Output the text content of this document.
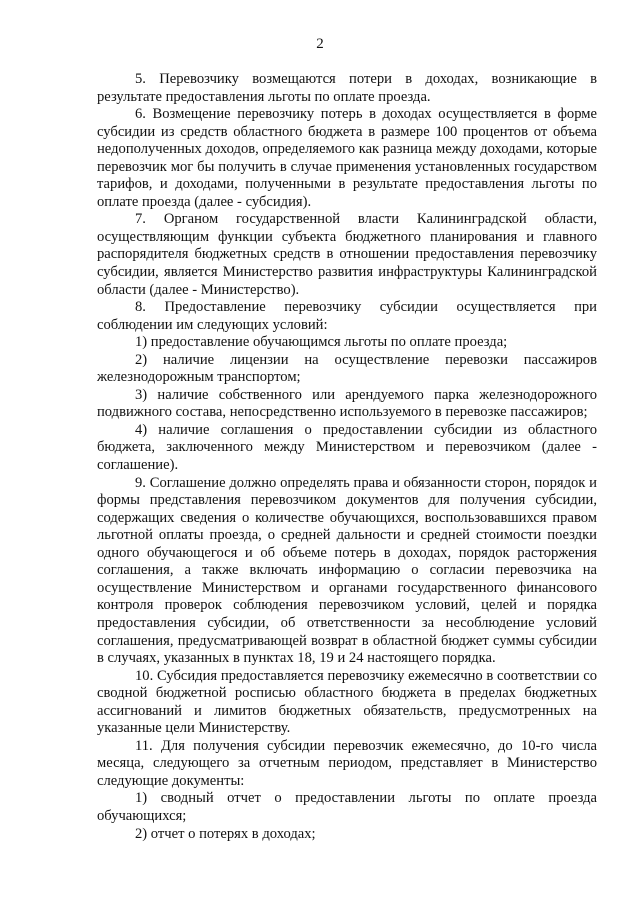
2

5. Перевозчику возмещаются потери в доходах, возникающие в результате предоставления льготы по оплате проезда.

6. Возмещение перевозчику потерь в доходах осуществляется в форме субсидии из средств областного бюджета в размере 100 процентов от объема недополученных доходов, определяемого как разница между доходами, которые перевозчик мог бы получить в случае применения установленных государством тарифов, и доходами, полученными в результате предоставления льготы по оплате проезда (далее - субсидия).

7. Органом государственной власти Калининградской области, осуществляющим функции субъекта бюджетного планирования и главного распорядителя бюджетных средств в отношении предоставления перевозчику субсидии, является Министерство развития инфраструктуры Калининградской области (далее - Министерство).

8. Предоставление перевозчику субсидии осуществляется при соблюдении им следующих условий:

1) предоставление обучающимся льготы по оплате проезда;

2) наличие лицензии на осуществление перевозки пассажиров железнодорожным транспортом;

3) наличие собственного или арендуемого парка железнодорожного подвижного состава, непосредственно используемого в перевозке пассажиров;

4) наличие соглашения о предоставлении субсидии из областного бюджета, заключенного между Министерством и перевозчиком (далее - соглашение).

9. Соглашение должно определять права и обязанности сторон, порядок и формы представления перевозчиком документов для получения субсидии, содержащих сведения о количестве обучающихся, воспользовавшихся правом льготной оплаты проезда, о средней дальности и средней стоимости поездки одного обучающегося и об объеме потерь в доходах, порядок расторжения соглашения, а также включать информацию о согласии перевозчика на осуществление Министерством и органами государственного финансового контроля проверок соблюдения перевозчиком условий, целей и порядка предоставления субсидии, об ответственности за несоблюдение условий соглашения, предусматривающей возврат в областной бюджет суммы субсидии в случаях, указанных в пунктах 18, 19 и 24 настоящего порядка.

10. Субсидия предоставляется перевозчику ежемесячно в соответствии со сводной бюджетной росписью областного бюджета в пределах бюджетных ассигнований и лимитов бюджетных обязательств, предусмотренных на указанные цели Министерству.

11. Для получения субсидии перевозчик ежемесячно, до 10-го числа месяца, следующего за отчетным периодом, представляет в Министерство следующие документы:

1) сводный отчет о предоставлении льготы по оплате проезда обучающихся;

2) отчет о потерях в доходах;
